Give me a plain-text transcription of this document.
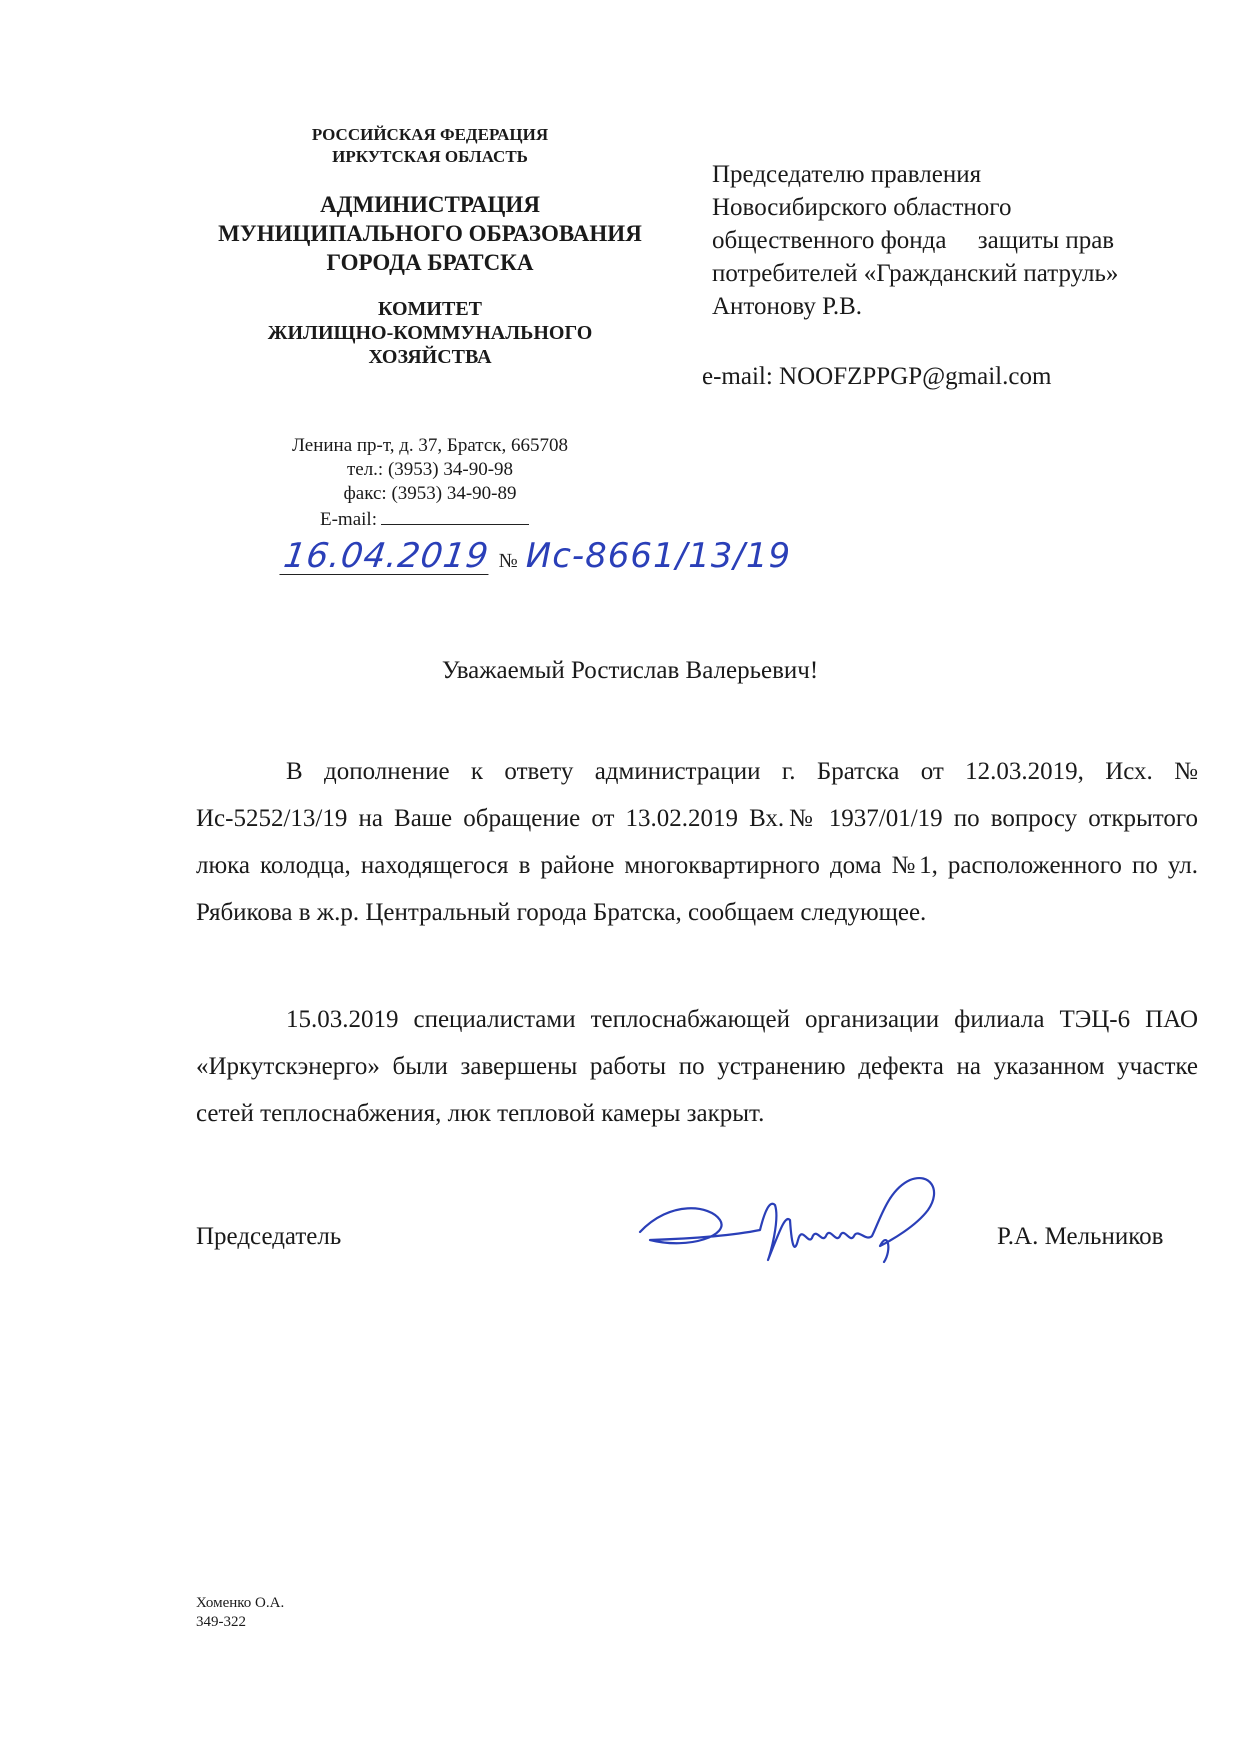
РОССИЙСКАЯ ФЕДЕРАЦИЯ
ИРКУТСКАЯ ОБЛАСТЬ
АДМИНИСТРАЦИЯ
МУНИЦИПАЛЬНОГО ОБРАЗОВАНИЯ
ГОРОДА БРАТСКА
КОМИТЕТ
ЖИЛИЩНО-КОММУНАЛЬНОГО
ХОЗЯЙСТВА
Ленина пр-т, д. 37, Братск, 665708
тел.: (3953) 34-90-98
факс: (3953) 34-90-89
E-mail:
16.04.2019 № Ис-8661/13/19
Председателю правления
Новосибирского областного
общественного фонда     защиты прав
потребителей «Гражданский патруль»
Антонову Р.В.
e-mail: NOOFZPPGP@gmail.com
Уважаемый Ростислав Валерьевич!
В дополнение к ответу администрации г. Братска от 12.03.2019, Исх. № Ис-5252/13/19 на Ваше обращение от 13.02.2019 Вх.№ 1937/01/19 по вопросу открытого люка колодца, находящегося в районе многоквартирного дома №1, расположенного по ул. Рябикова в ж.р. Центральный города Братска, сообщаем следующее.
15.03.2019 специалистами теплоснабжающей организации филиала ТЭЦ-6 ПАО «Иркутскэнерго» были завершены работы по устранению дефекта на указанном участке сетей теплоснабжения, люк тепловой камеры закрыт.
Председатель	Р.А. Мельников
Хоменко О.А.
349-322
